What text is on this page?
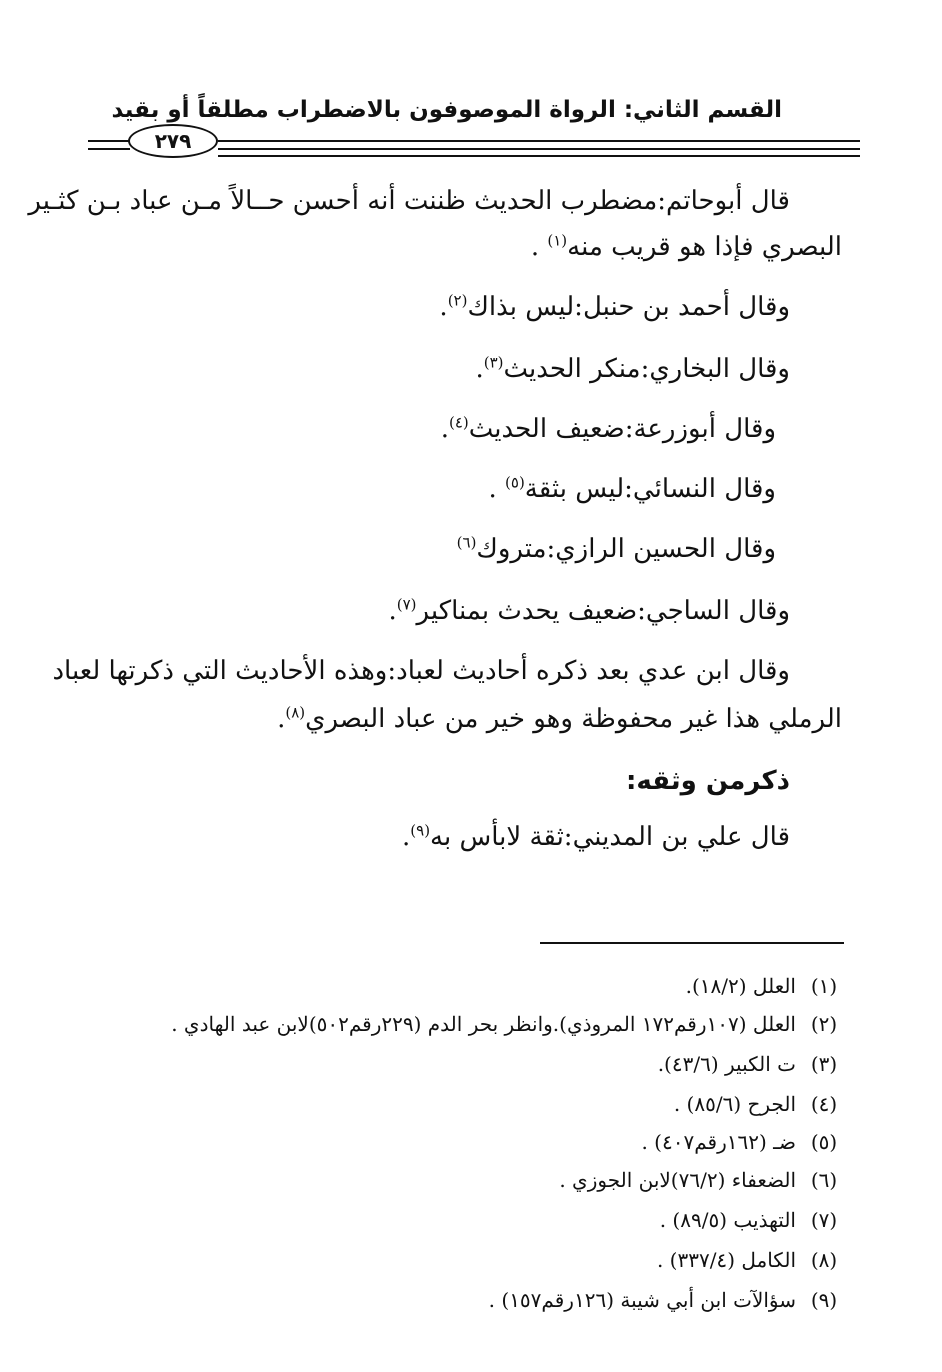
القسم الثاني: الرواة الموصوفون بالاضطراب مطلقاً أو بقيد
٢٧٩
قال أبوحاتم:مضطرب الحديث ظننت أنه أحسن حــالاً مـن عباد بـن كثـير
البصري فإذا هو قريب منه$^{(١)}$ .
وقال أحمد بن حنبل:ليس بذاك$^{(٢)}$.
وقال البخاري:منكر الحديث$^{(٣)}$.
وقال أبوزرعة:ضعيف الحديث$^{(٤)}$.
وقال النسائي:ليس بثقة$^{(٥)}$ .
وقال الحسين الرازي:متروك$^{(٦)}$
وقال الساجي:ضعيف يحدث بمناكير$^{(٧)}$.
وقال ابن عدي بعد ذكره أحاديث لعباد:وهذه الأحاديث التي ذكرتها لعباد
الرملي هذا غير محفوظة وهو خير من عباد البصري$^{(٨)}$.
ذكرمن وثقه:
قال علي بن المديني:ثقة لابأس به$^{(٩)}$.
(١)
العلل (١٨/٢).
(٢)
العلل (١٠٧رقم١٧٢ المروذي).وانظر بحر الدم (٢٢٩رقم٥٠٢)لابن عبد الهادي .
(٣)
ت الكبير (٤٣/٦).
(٤)
الجرح (٨٥/٦) .
(٥)
ضـ (١٦٢رقم٤٠٧) .
(٦)
الضعفاء (٧٦/٢)لابن الجوزي .
(٧)
التهذيب (٨٩/٥) .
(٨)
الكامل (٣٣٧/٤) .
(٩)
سؤالآت ابن أبي شيبة (١٢٦رقم١٥٧) .
